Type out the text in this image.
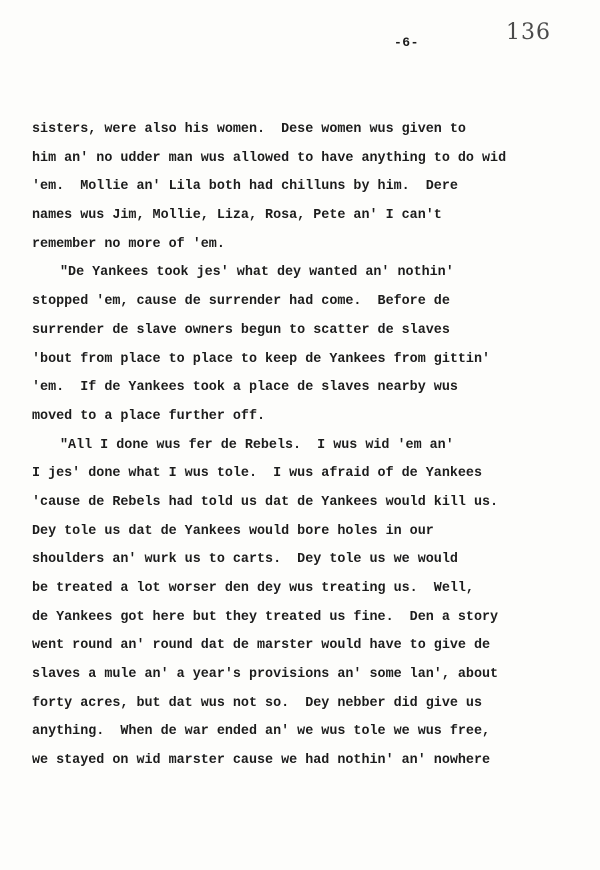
-6-	136
sisters, were also his women.  Dese women wus given to
him an' no udder man wus allowed to have anything to do wid
'em.  Mollie an' Lila both had chilluns by him.  Dere
names wus Jim, Mollie, Liza, Rosa, Pete an' I can't
remember no more of 'em.
"De Yankees took jes' what dey wanted an' nothin'
stopped 'em, cause de surrender had come.  Before de
surrender de slave owners begun to scatter de slaves
'bout from place to place to keep de Yankees from gittin'
'em.  If de Yankees took a place de slaves nearby wus
moved to a place further off.
"All I done wus fer de Rebels.  I wus wid 'em an'
I jes' done what I wus tole.  I wus afraid of de Yankees
'cause de Rebels had told us dat de Yankees would kill us.
Dey tole us dat de Yankees would bore holes in our
shoulders an' wurk us to carts.  Dey tole us we would
be treated a lot worser den dey wus treating us.  Well,
de Yankees got here but they treated us fine.  Den a story
went round an' round dat de marster would have to give de
slaves a mule an' a year's provisions an' some lan', about
forty acres, but dat wus not so.  Dey nebber did give us
anything.  When de war ended an' we wus tole we wus free,
we stayed on wid marster cause we had nothin' an' nowhere
